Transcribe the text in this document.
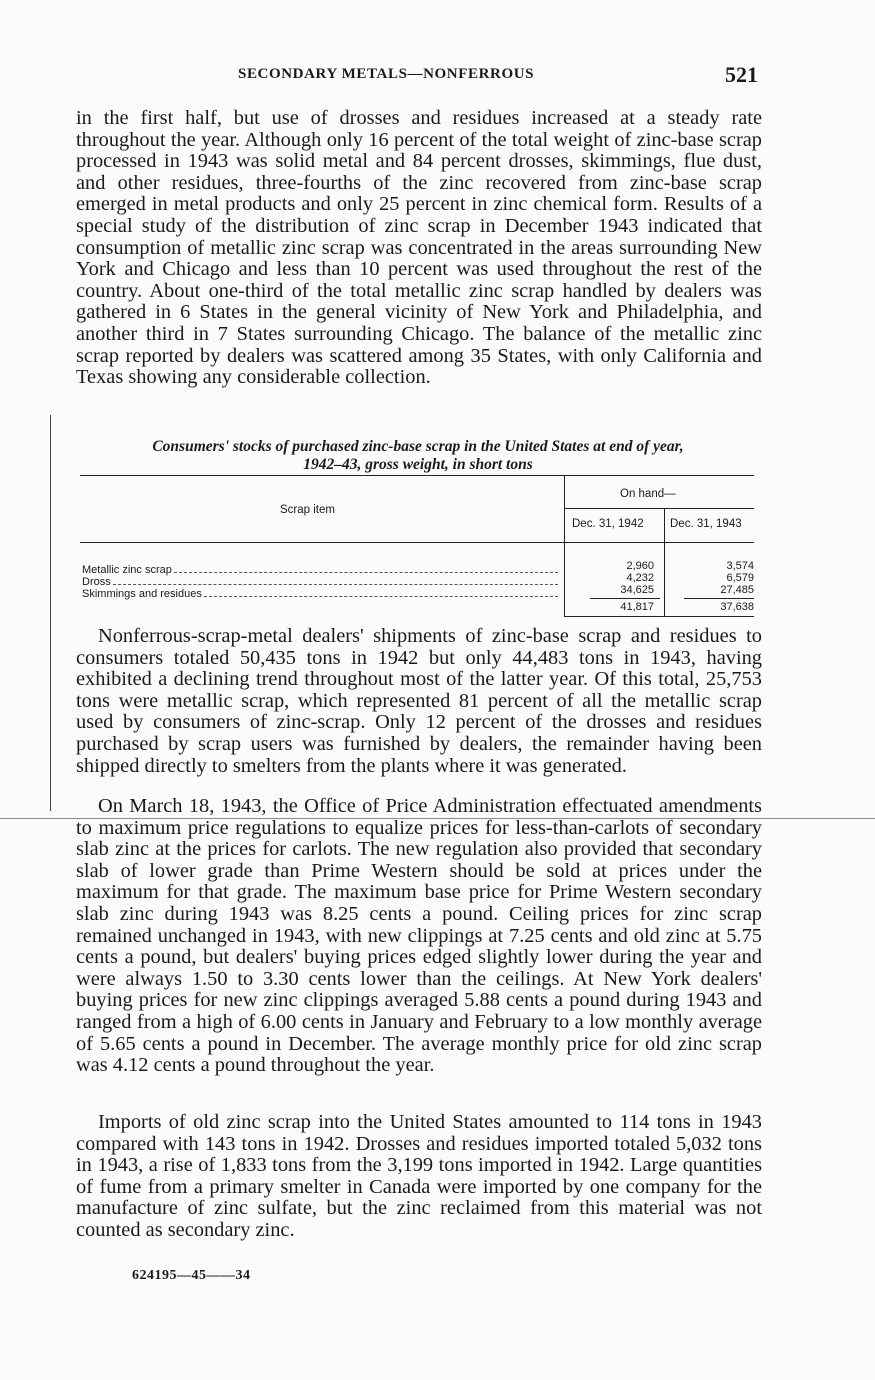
SECONDARY METALS—NONFERROUS	521

in the first half, but use of drosses and residues increased at a steady rate throughout the year. Although only 16 percent of the total weight of zinc-base scrap processed in 1943 was solid metal and 84 percent drosses, skimmings, flue dust, and other residues, three-fourths of the zinc recovered from zinc-base scrap emerged in metal products and only 25 percent in zinc chemical form. Results of a special study of the distribution of zinc scrap in December 1943 indicated that consumption of metallic zinc scrap was concentrated in the areas surrounding New York and Chicago and less than 10 percent was used throughout the rest of the country. About one-third of the total metallic zinc scrap handled by dealers was gathered in 6 States in the general vicinity of New York and Philadelphia, and another third in 7 States surrounding Chicago. The balance of the metallic zinc scrap reported by dealers was scattered among 35 States, with only California and Texas showing any considerable collection.

Consumers' stocks of purchased zinc-base scrap in the United States at end of year,
1942–43, gross weight, in short tons
Scrap item
On hand—
Dec. 31, 1942 Dec. 31, 1943
Metallic zinc scrap	2,960	3,574
Dross	4,232	6,579
Skimmings and residues	34,625	27,485
41,817	37,638

Nonferrous-scrap-metal dealers' shipments of zinc-base scrap and residues to consumers totaled 50,435 tons in 1942 but only 44,483 tons in 1943, having exhibited a declining trend throughout most of the latter year. Of this total, 25,753 tons were metallic scrap, which represented 81 percent of all the metallic scrap used by consumers of zinc-scrap. Only 12 percent of the drosses and residues purchased by scrap users was furnished by dealers, the remainder having been shipped directly to smelters from the plants where it was generated.

On March 18, 1943, the Office of Price Administration effectuated amendments to maximum price regulations to equalize prices for less-than-carlots of secondary slab zinc at the prices for carlots. The new regulation also provided that secondary slab of lower grade than Prime Western should be sold at prices under the maximum for that grade. The maximum base price for Prime Western secondary slab zinc during 1943 was 8.25 cents a pound. Ceiling prices for zinc scrap remained unchanged in 1943, with new clippings at 7.25 cents and old zinc at 5.75 cents a pound, but dealers' buying prices edged slightly lower during the year and were always 1.50 to 3.30 cents lower than the ceilings. At New York dealers' buying prices for new zinc clippings averaged 5.88 cents a pound during 1943 and ranged from a high of 6.00 cents in January and February to a low monthly average of 5.65 cents a pound in December. The average monthly price for old zinc scrap was 4.12 cents a pound throughout the year.

Imports of old zinc scrap into the United States amounted to 114 tons in 1943 compared with 143 tons in 1942. Drosses and residues imported totaled 5,032 tons in 1943, a rise of 1,833 tons from the 3,199 tons imported in 1942. Large quantities of fume from a primary smelter in Canada were imported by one company for the manufacture of zinc sulfate, but the zinc reclaimed from this material was not counted as secondary zinc.

624195—45——34
